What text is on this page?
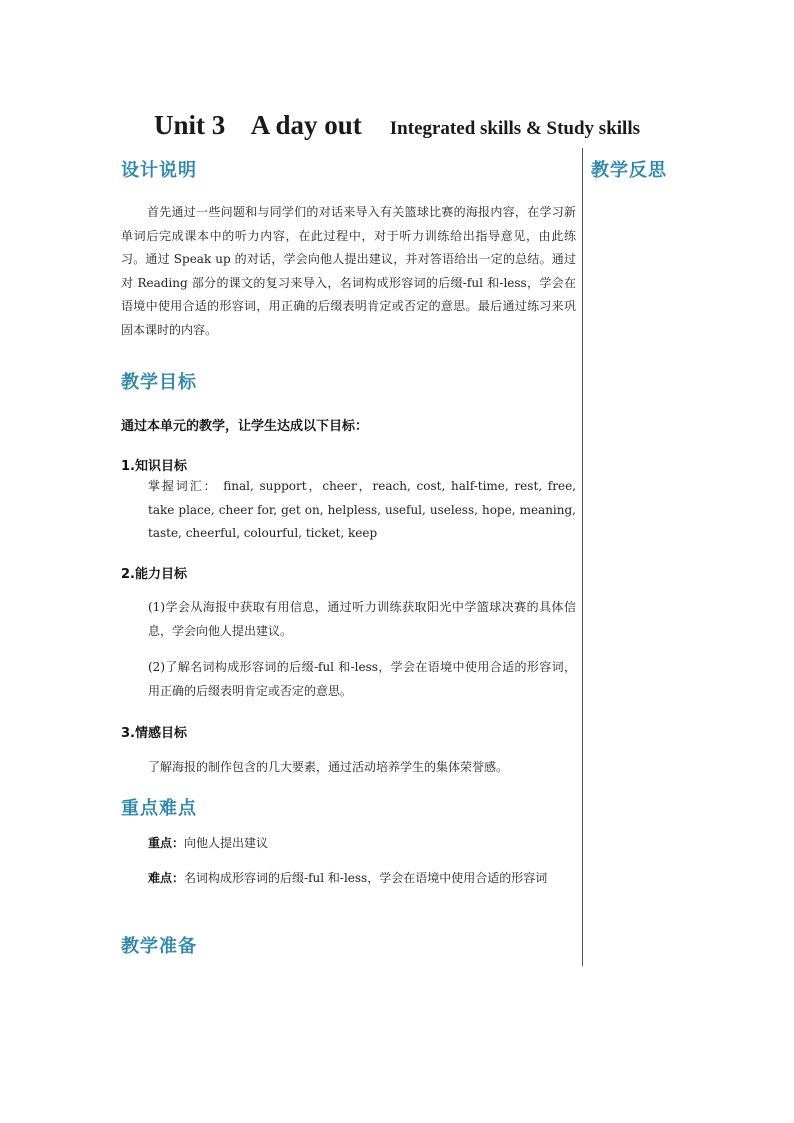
Unit 3    A day out Integrated skills & Study skills
教学反思
设计说明
首先通过一些问题和与同学们的对话来导入有关篮球比赛的海报内容，在学习新单词后完成课本中的听力内容，在此过程中，对于听力训练给出指导意见，由此练习。通过 Speak up 的对话，学会向他人提出建议，并对答语给出一定的总结。通过对 Reading 部分的课文的复习来导入，名词构成形容词的后缀-ful 和-less，学会在语境中使用合适的形容词，用正确的后缀表明肯定或否定的意思。最后通过练习来巩固本课时的内容。
教学目标
通过本单元的教学，让学生达成以下目标：
1.知识目标
掌握词汇： final, support，cheer，reach, cost, half-time, rest, free, take place, cheer for, get on, helpless, useful, useless, hope, meaning, taste, cheerful, colourful, ticket, keep
2.能力目标
(1)学会从海报中获取有用信息，通过听力训练获取阳光中学篮球决赛的具体信息，学会向他人提出建议。
(2)了解名词构成形容词的后缀-ful 和-less，学会在语境中使用合适的形容词，用正确的后缀表明肯定或否定的意思。
3.情感目标
了解海报的制作包含的几大要素，通过活动培养学生的集体荣誉感。
重点难点
重点：向他人提出建议
难点：名词构成形容词的后缀-ful 和-less，学会在语境中使用合适的形容词
教学准备
